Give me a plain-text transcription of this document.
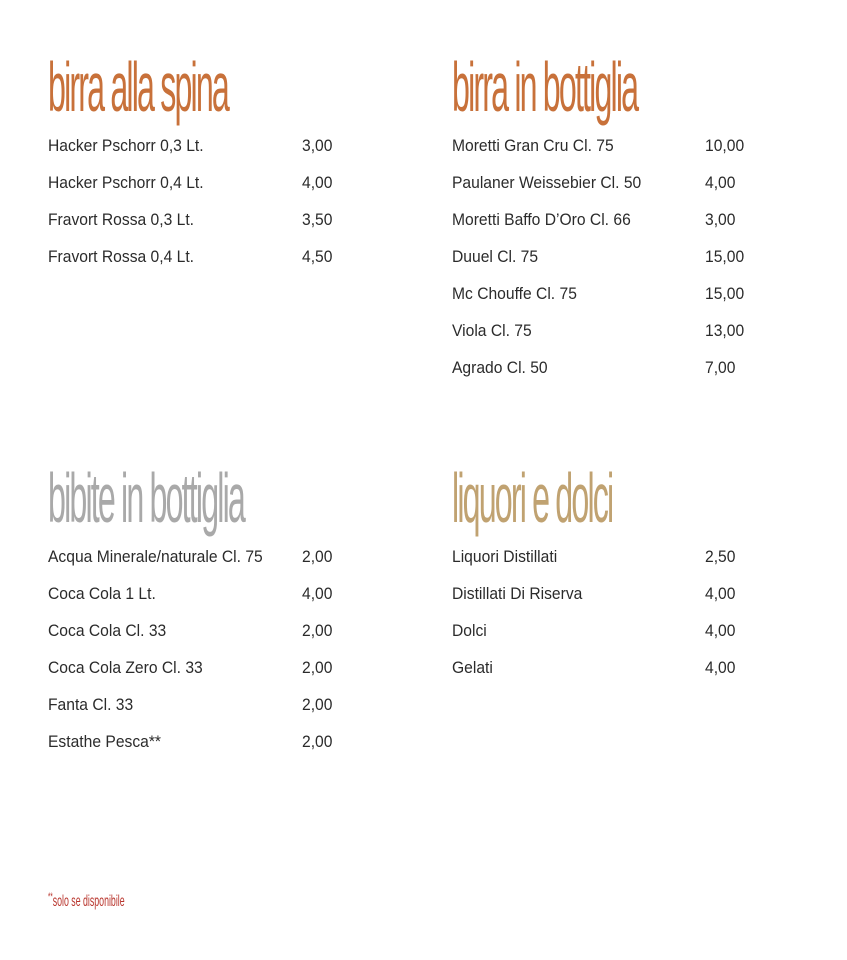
birra alla spina
Hacker Pschorr 0,3 Lt.	3,00
Hacker Pschorr 0,4 Lt.	4,00
Fravort Rossa 0,3 Lt.	3,50
Fravort Rossa 0,4 Lt.	4,50
birra in bottiglia
Moretti Gran Cru Cl. 75	10,00
Paulaner Weissebier Cl. 50	4,00
Moretti Baffo D’Oro Cl. 66	3,00
Duuel Cl. 75	15,00
Mc Chouffe Cl. 75	15,00
Viola Cl. 75	13,00
Agrado Cl. 50	7,00
bibite in bottiglia
Acqua Minerale/naturale Cl. 75 2,00
Coca Cola 1 Lt.	4,00
Coca Cola Cl. 33	2,00
Coca Cola Zero Cl. 33	2,00
Fanta Cl. 33	2,00
Estathe Pesca**	2,00
liquori e dolci
Liquori Distillati	2,50
Distillati Di Riserva	4,00
Dolci	4,00
Gelati	4,00
**solo se disponibile
